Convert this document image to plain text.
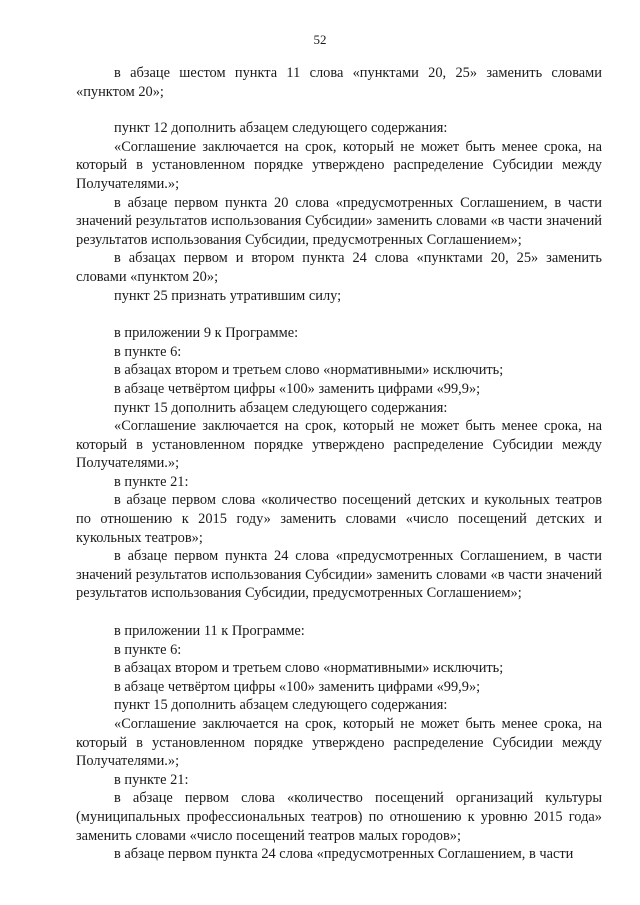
52

в абзаце шестом пункта 11 слова «пунктами 20, 25» заменить словами «пунктом 20»;

пункт 12 дополнить абзацем следующего содержания:

«Соглашение заключается на срок, который не может быть менее срока, на который в установленном порядке утверждено распределение Субсидии между Получателями.»;

в абзаце первом пункта 20 слова «предусмотренных Соглашением, в части значений результатов использования Субсидии» заменить словами «в части значений результатов использования Субсидии, предусмотренных Соглашением»;

в абзацах первом и втором пункта 24 слова «пунктами 20, 25» заменить словами «пунктом 20»;

пункт 25 признать утратившим силу;

в приложении 9 к Программе:

в пункте 6:

в абзацах втором и третьем слово «нормативными» исключить;

в абзаце четвёртом цифры «100» заменить цифрами «99,9»;

пункт 15 дополнить абзацем следующего содержания:

«Соглашение заключается на срок, который не может быть менее срока, на который в установленном порядке утверждено распределение Субсидии между Получателями.»;

в пункте 21:

в абзаце первом слова «количество посещений детских и кукольных театров по отношению к 2015 году» заменить словами «число посещений детских и кукольных театров»;

в абзаце первом пункта 24 слова «предусмотренных Соглашением, в части значений результатов использования Субсидии» заменить словами «в части значений результатов использования Субсидии, предусмотренных Соглашением»;

в приложении 11 к Программе:

в пункте 6:

в абзацах втором и третьем слово «нормативными» исключить;

в абзаце четвёртом цифры «100» заменить цифрами «99,9»;

пункт 15 дополнить абзацем следующего содержания:

«Соглашение заключается на срок, который не может быть менее срока, на который в установленном порядке утверждено распределение Субсидии между Получателями.»;

в пункте 21:

в абзаце первом слова «количество посещений организаций культуры (муниципальных профессиональных театров) по отношению к уровню 2015 года» заменить словами «число посещений театров малых городов»;

в абзаце первом пункта 24 слова «предусмотренных Соглашением, в части
